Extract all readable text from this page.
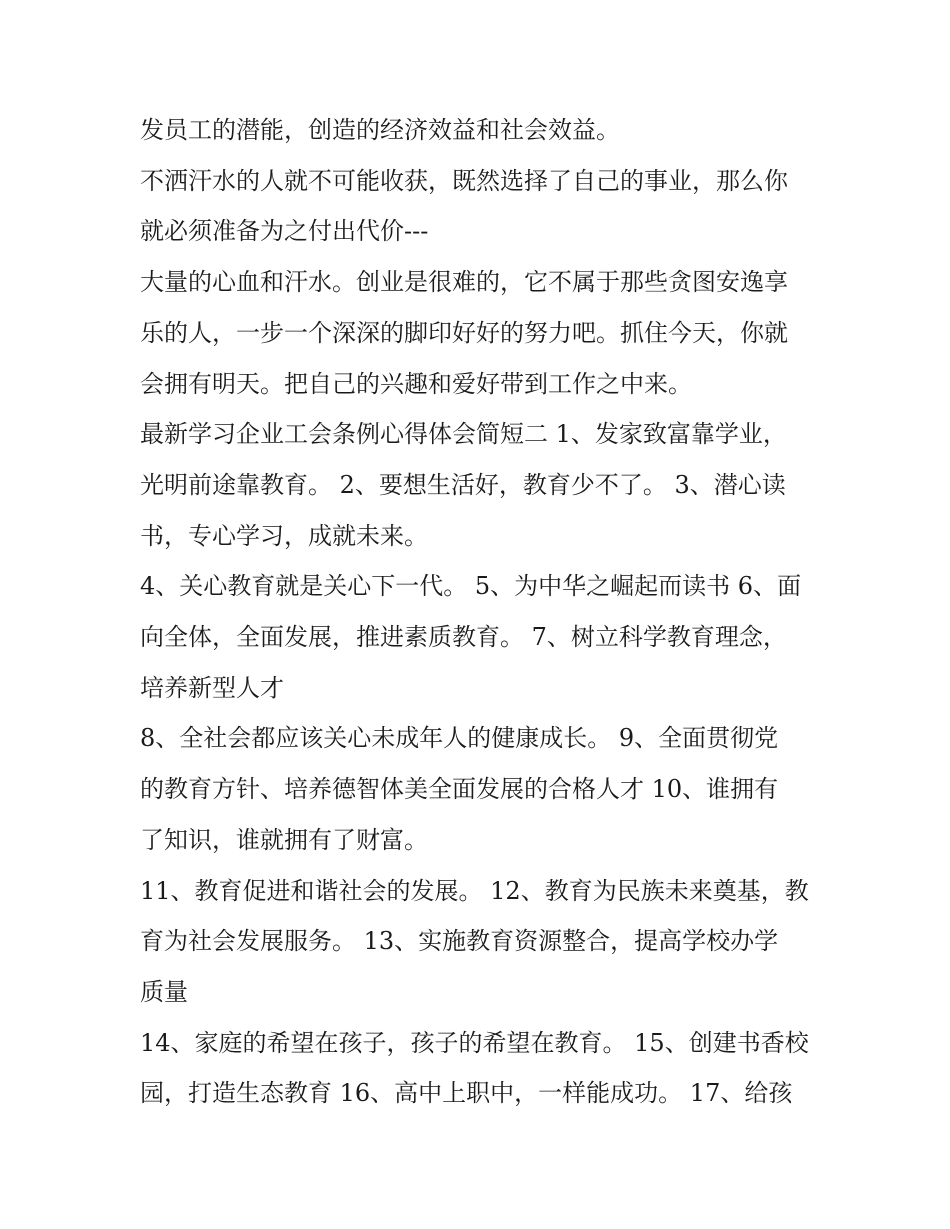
发员工的潜能，创造的经济效益和社会效益。

不洒汗水的人就不可能收获，既然选择了自己的事业，那么你
就必须准备为之付出代价---

大量的心血和汗水。创业是很难的，它不属于那些贪图安逸享
乐的人，一步一个深深的脚印好好的努力吧。抓住今天，你就
会拥有明天。把自己的兴趣和爱好带到工作之中来。

最新学习企业工会条例心得体会简短二 1、发家致富靠学业，
光明前途靠教育。 2、要想生活好，教育少不了。 3、潜心读
书，专心学习，成就未来。

4、关心教育就是关心下一代。 5、为中华之崛起而读书 6、面
向全体，全面发展，推进素质教育。 7、树立科学教育理念，
培养新型人才

8、全社会都应该关心未成年人的健康成长。 9、全面贯彻党
的教育方针、培养德智体美全面发展的合格人才 10、谁拥有
了知识，谁就拥有了财富。

11、教育促进和谐社会的发展。 12、教育为民族未来奠基，教
育为社会发展服务。 13、实施教育资源整合，提高学校办学
质量

14、家庭的希望在孩子，孩子的希望在教育。 15、创建书香校
园，打造生态教育 16、高中上职中，一样能成功。 17、给孩
